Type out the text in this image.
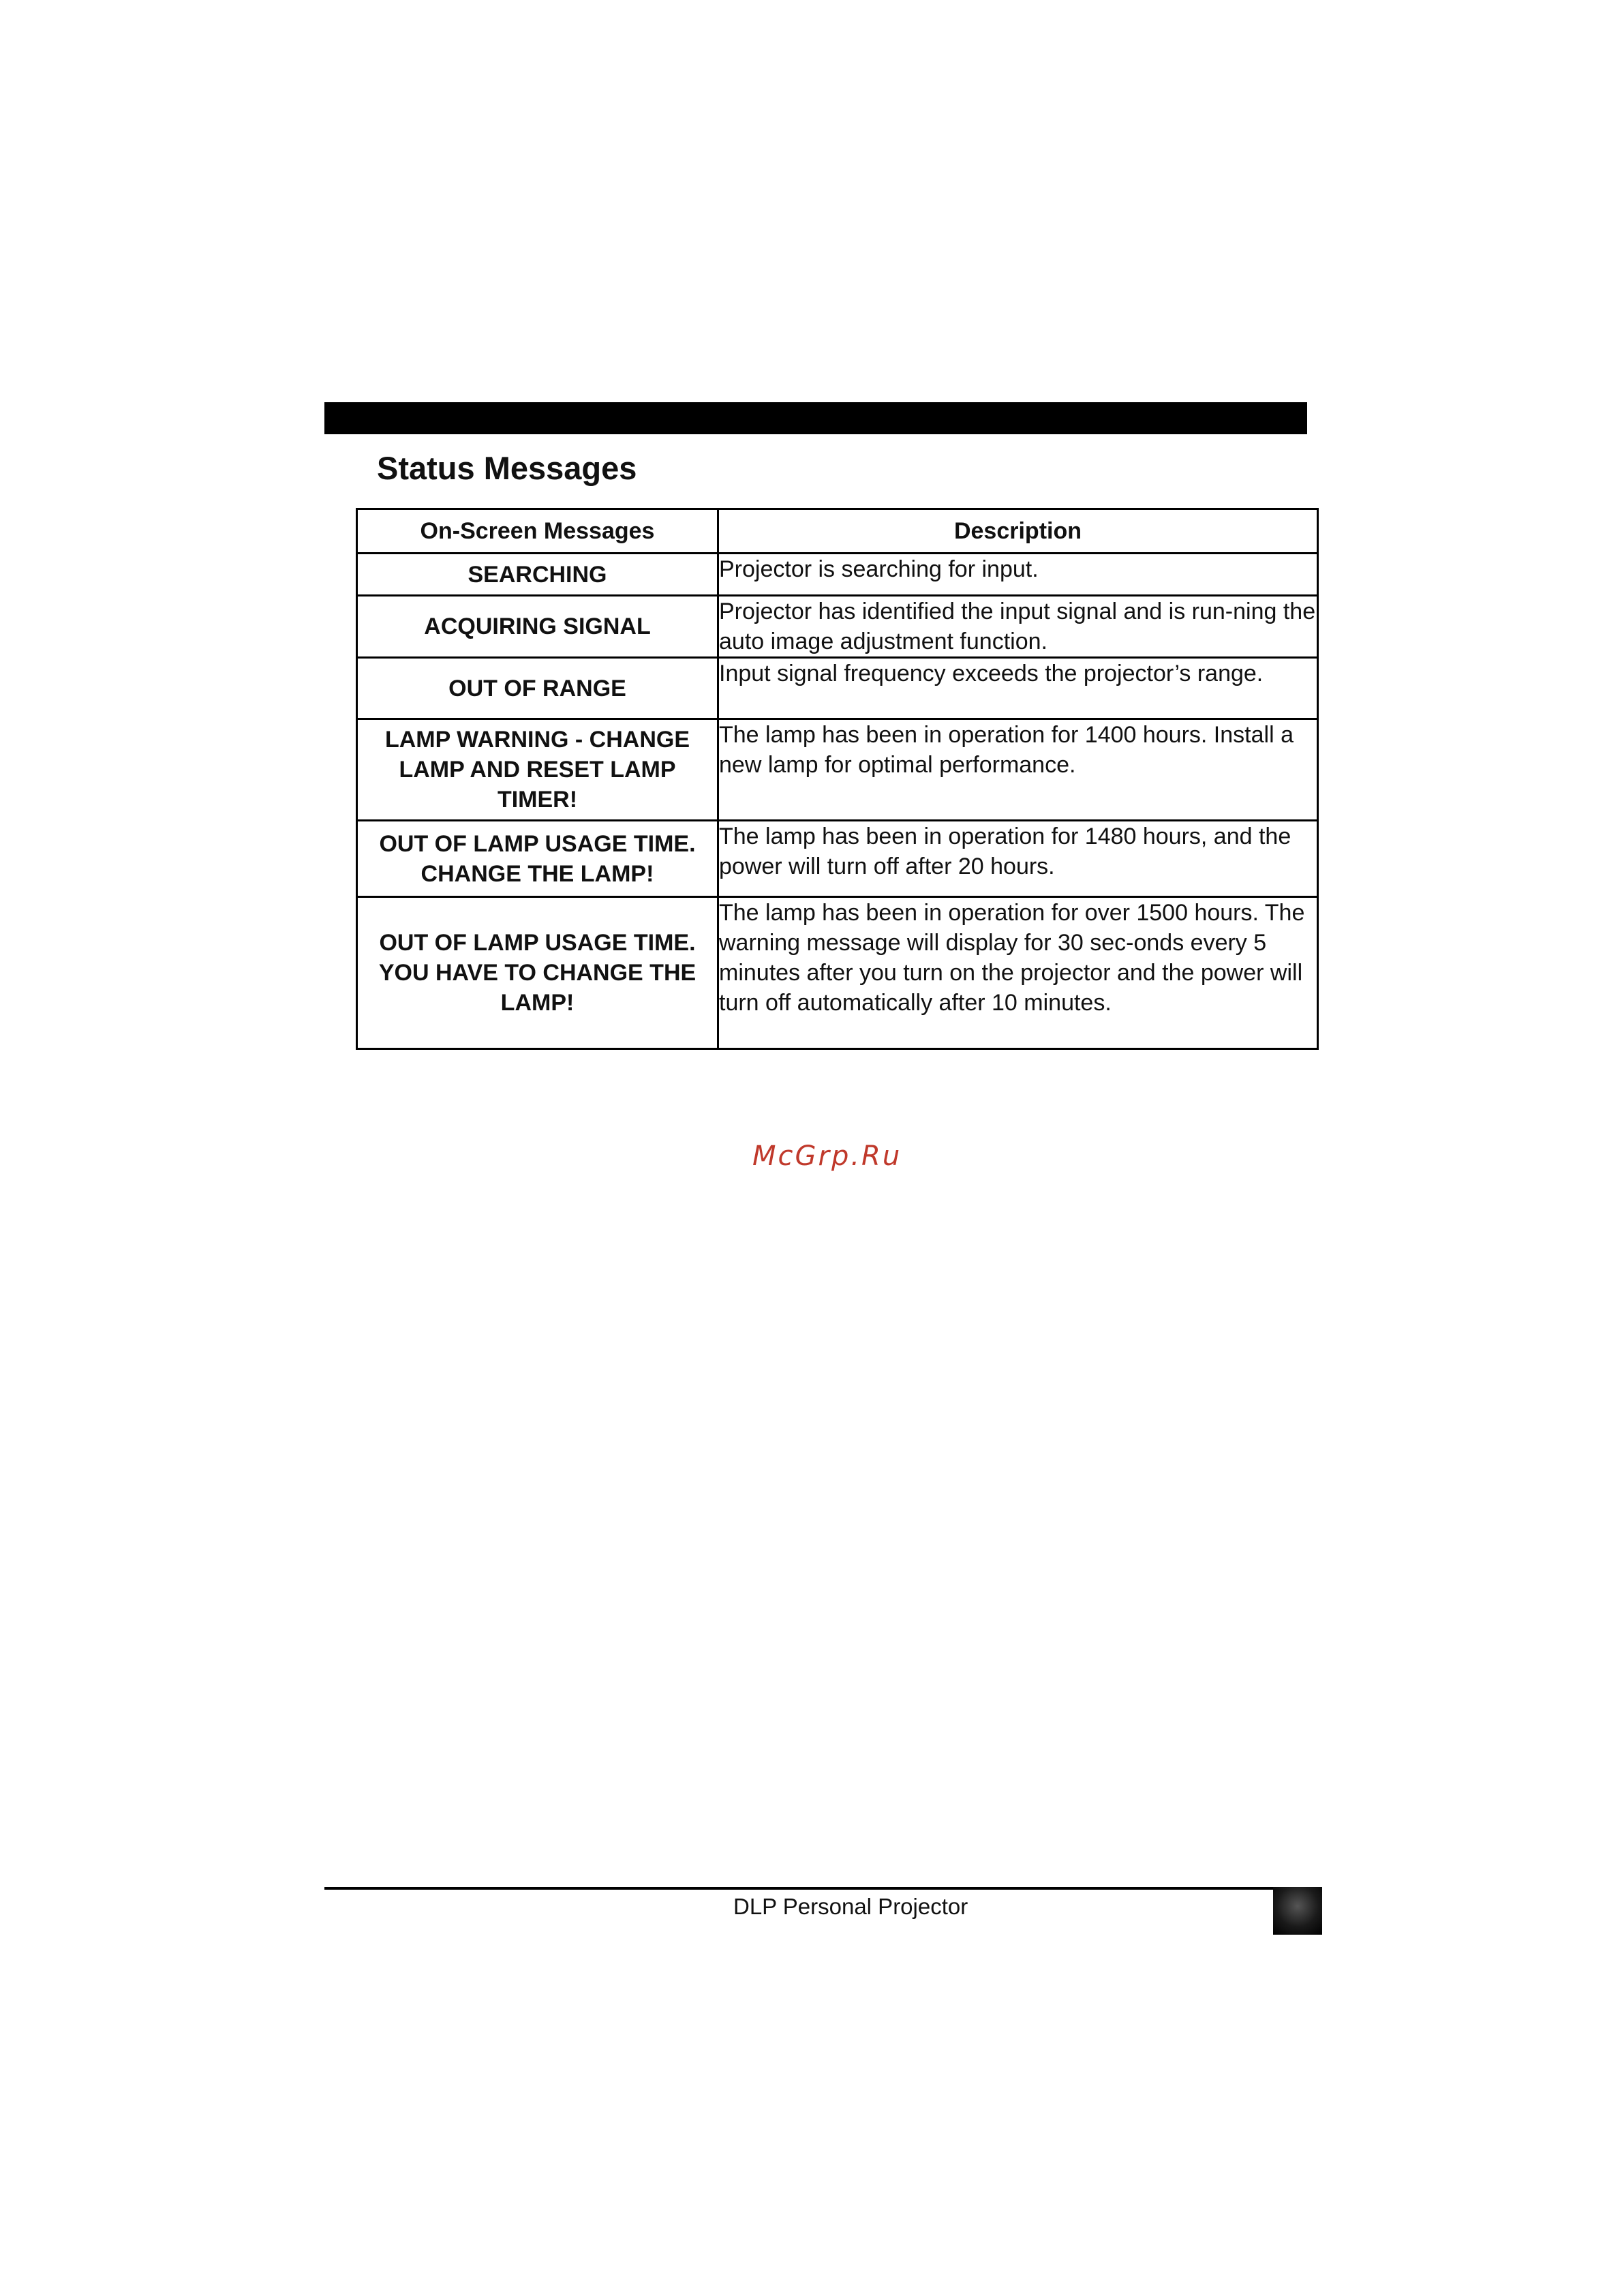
Status Messages
On-Screen Messages	Description
SEARCHING	Projector is searching for input.
ACQUIRING SIGNAL	Projector has identified the input signal and is run-ning the auto image adjustment function.
OUT OF RANGE	Input signal frequency exceeds the projector’s range.
LAMP WARNING - CHANGE LAMP AND RESET LAMP TIMER!	The lamp has been in operation for 1400 hours. Install a new lamp for optimal performance.
OUT OF LAMP USAGE TIME. CHANGE THE LAMP!	The lamp has been in operation for 1480 hours, and the power will turn off after 20 hours.
OUT OF LAMP USAGE TIME. YOU HAVE TO CHANGE THE LAMP!	The lamp has been in operation for over 1500 hours. The warning message will display for 30 sec-onds every 5 minutes after you turn on the projector and the power will turn off automatically after 10 minutes.
McGrp.Ru
DLP Personal Projector
